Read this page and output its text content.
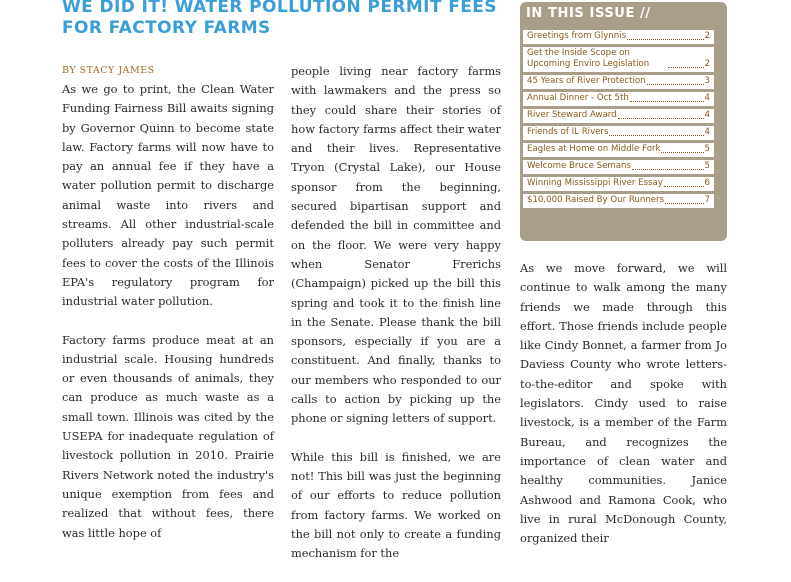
WE DID IT! WATER POLLUTION PERMIT FEES FOR FACTORY FARMS
BY STACY JAMES

As we go to print, the Clean Water Funding Fairness Bill awaits signing by Governor Quinn to become state law. Factory farms will now have to pay an annual fee if they have a water pollution permit to discharge animal waste into rivers and streams. All other industrial-scale polluters already pay such permit fees to cover the costs of the Illinois EPA's regulatory program for industrial water pollution.

Factory farms produce meat at an industrial scale. Housing hundreds or even thousands of animals, they can produce as much waste as a small town. Illinois was cited by the USEPA for inadequate regulation of livestock pollution in 2010. Prairie Rivers Network noted the industry's unique exemption from fees and realized that without fees, there was little hope of

people living near factory farms with lawmakers and the press so they could share their stories of how factory farms affect their water and their lives. Representative Tryon (Crystal Lake), our House sponsor from the beginning, secured bipartisan support and defended the bill in committee and on the floor. We were very happy when Senator Frerichs (Champaign) picked up the bill this spring and took it to the finish line in the Senate. Please thank the bill sponsors, especially if you are a constituent. And finally, thanks to our members who responded to our calls to action by picking up the phone or signing letters of support.

While this bill is finished, we are not! This bill was just the beginning of our efforts to reduce pollution from factory farms. We worked on the bill not only to create a funding mechanism for the

IN THIS ISSUE //
Greetings from Glynnis	2
Get the Inside Scope on Upcoming Enviro Legislation	2
45 Years of River Protection	3
Annual Dinner - Oct 5th	4
River Steward Award	4
Friends of IL Rivers	4
Eagles at Home on Middle Fork	5
Welcome Bruce Semans	5
Winning Mississippi River Essay	6
$10,000 Raised By Our Runners	7

As we move forward, we will continue to walk among the many friends we made through this effort. Those friends include people like Cindy Bonnet, a farmer from Jo Daviess County who wrote letters-to-the-editor and spoke with legislators. Cindy used to raise livestock, is a member of the Farm Bureau, and recognizes the importance of clean water and healthy communities. Janice Ashwood and Ramona Cook, who live in rural McDonough County, organized their
